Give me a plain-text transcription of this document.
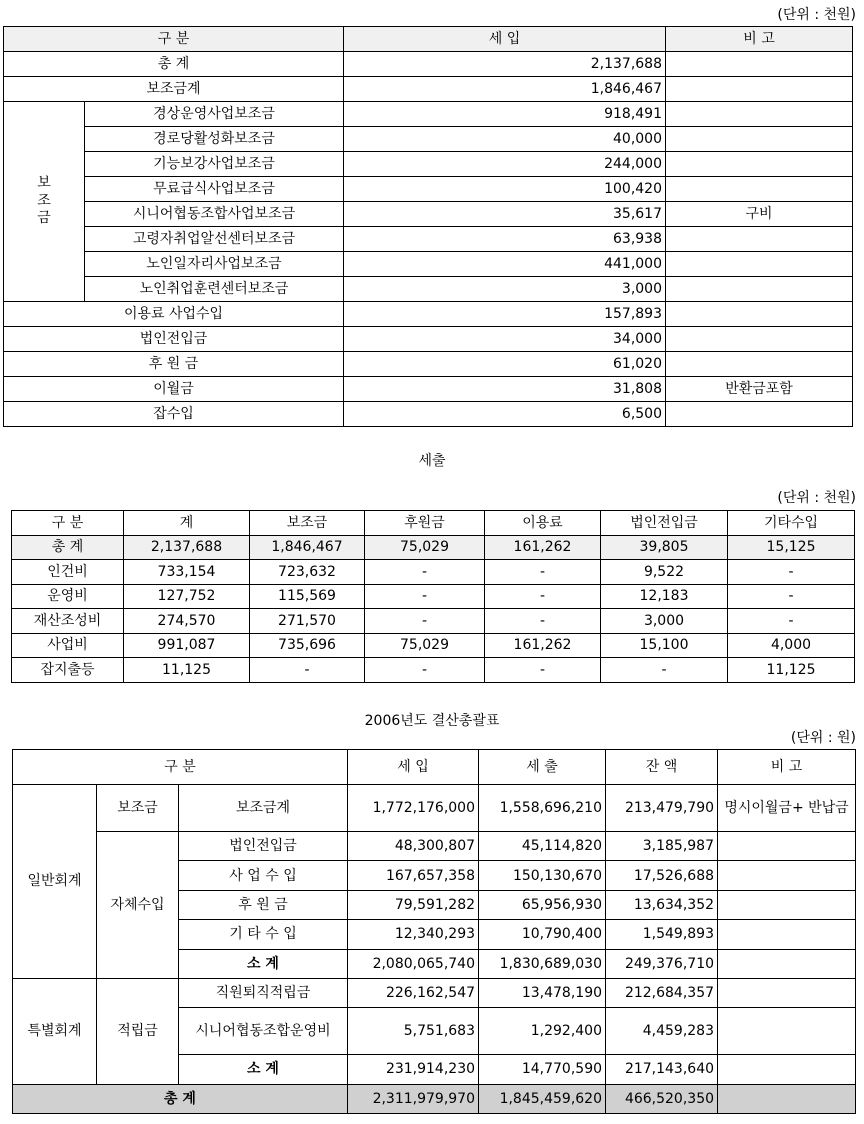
(단위 : 천원)
구 분		세 입	비 고
총 계		2,137,688	
보조금계		1,846,467	

보 조 금	경상운영사업보조금	918,491	
	경로당활성화보조금	40,000	
	기능보강사업보조금	244,000	
	무료급식사업보조금	100,420	
	시니어협동조합사업보조금	35,617	구비
	고령자취업알선센터보조금	63,938	
	노인일자리사업보조금	441,000	
	노인취업훈련센터보조금	3,000	
이용료 사업수입		157,893	
법인전입금		34,000	
후 원 금		61,020	
이월금		31,808	반환금포함
잡수입		6,500	
세출
(단위 : 천원)
구 분	계	보조금	후원금	이용료	법인전입금	기타수입
총 계	2,137,688	1,846,467	75,029	161,262	39,805	15,125
인건비	733,154	723,632	-	-	9,522	-
운영비	127,752	115,569	-	-	12,183	-
재산조성비	274,570	271,570	-	-	3,000	-
사업비	991,087	735,696	75,029	161,262	15,100	4,000
잡지출등	11,125	-	-	-	-	11,125
2006년도 결산총괄표
(단위 : 원)
구 분			세 입	세 출	잔 액	비 고
일반회계	보조금	보조금계	1,772,176,000	1,558,696,210	213,479,790	명시이월금+ 반납금
	자체수입	법인전입금	48,300,807	45,114,820	3,185,987	
		사 업 수 입	167,657,358	150,130,670	17,526,688	
		후 원 금	79,591,282	65,956,930	13,634,352	
		기 타 수 입	12,340,293	10,790,400	1,549,893	
		소 계	2,080,065,740	1,830,689,030	249,376,710	
특별회계	적립금	직원퇴직적립금	226,162,547	13,478,190	212,684,357	
		시니어협동조합운영비	5,751,683	1,292,400	4,459,283	
		소 계	231,914,230	14,770,590	217,143,640	
총 계			2,311,979,970	1,845,459,620	466,520,350	
